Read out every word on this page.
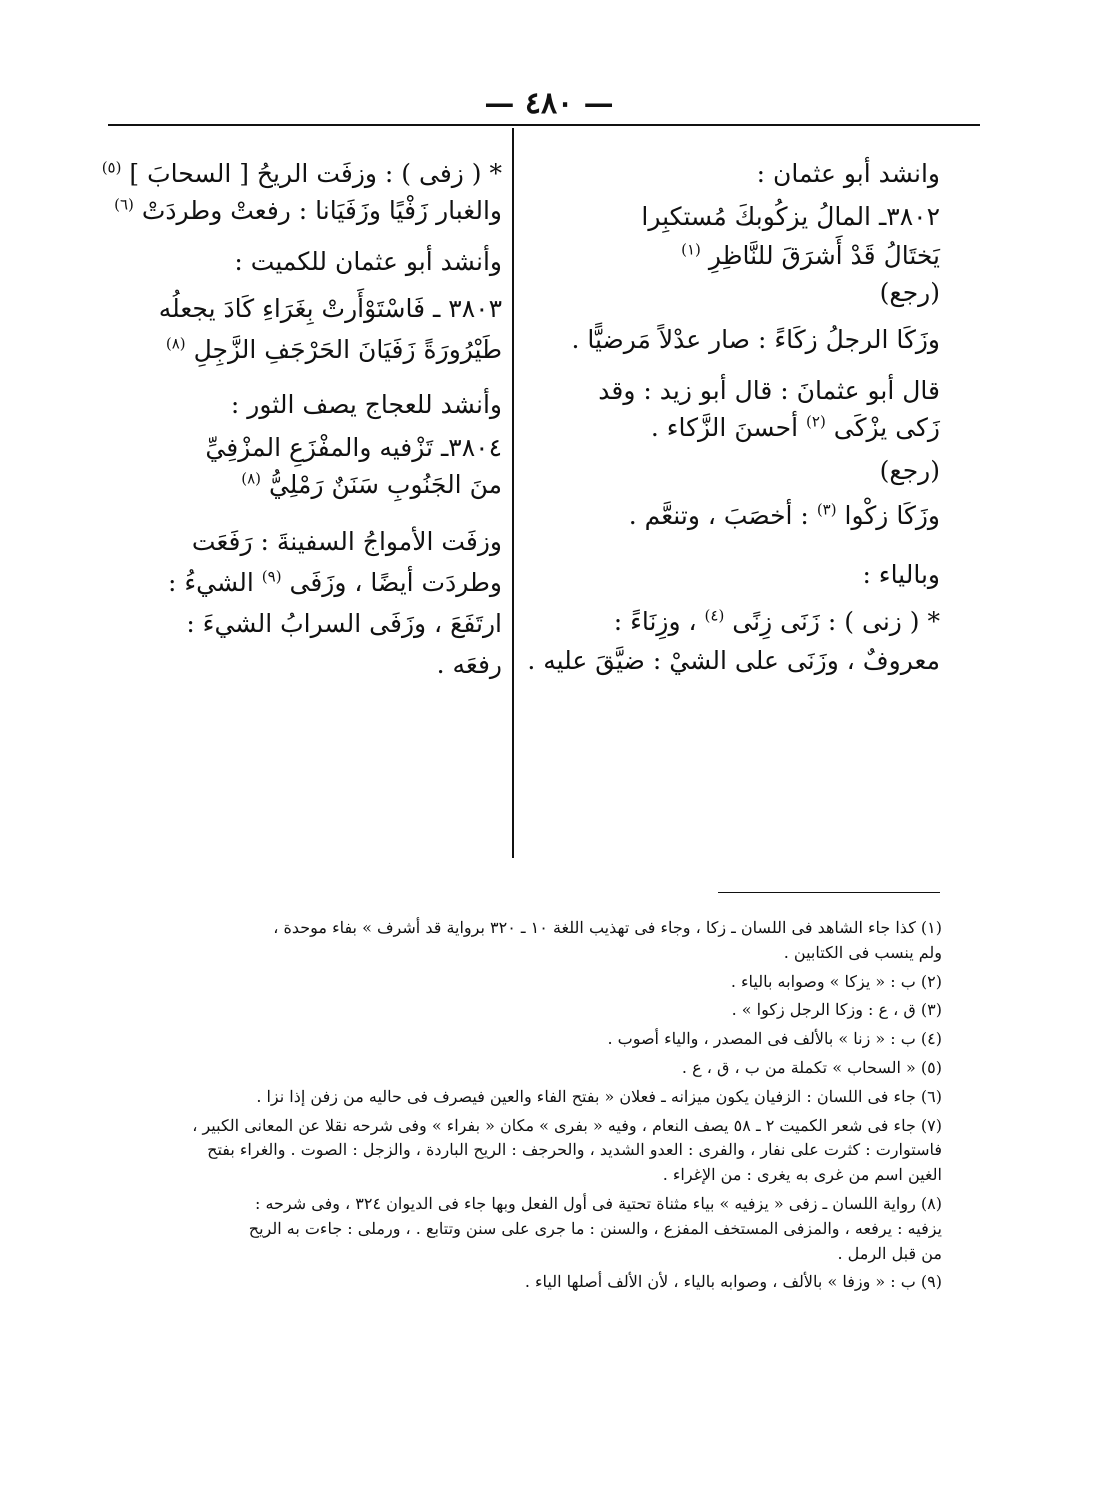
— ٤٨٠ —
وانشد أبو عثمان :
٣٨٠٢ـ المالُ يزكُوبكَ مُستكبِرا
يَختَالُ قَدْ أَشرَقَ للنَّاظِرِ $^{(١)}$
(رجع)
وزَكَا الرجلُ زكَاءً : صار عدْلاً مَرضيًّا .
قال أبو عثمانَ : قال أبو زيد : وقد
زَكى يزْكَى $^{(٢)}$ أحسنَ الزَّكاء .
(رجع)
وزَكَا زكْوا $^{(٣)}$ : أخصَبَ ، وتنعَّم .
وبالياء :
* ( زنى ) : زَنَى زِنًى $^{(٤)}$ ، وزِنَاءً :
معروفٌ ، وزَنَى على الشيْ : ضيَّقَ عليه .
* ( زفى ) : وزفَت الريحُ [ السحابَ ] $^{(٥)}$
والغبار زَفْيًا وزَفَيَانا : رفعتْ وطردَتْ $^{(٦)}$
وأنشد أبو عثمان للكميت :
٣٨٠٣ ـ فَاسْتَوْأَرتْ بِغَرَاءِ كَادَ يجعلُه
طَيْرُورَةً زَفَيَانَ الحَرْجَفِ الزَّجِلِ $^{(٨)}$
وأنشد للعجاج يصف الثور :
٣٨٠٤ـ تَزْفيه والمفْزَعِ المزْفِيِّ
منَ الجَنُوبِ سَنَنٌ رَمْلِيُّ $^{(٨)}$
وزفَت الأمواجُ السفينةَ : رَفَعَت
وطردَت أيضًا ، وزَفَى $^{(٩)}$ الشيءُ :
ارتَفَعَ ، وزَفَى السرابُ الشيءَ :
رفعَه .

(١) كذا جاء الشاهد فى اللسان ـ زكا ، وجاء فى تهذيب اللغة ١٠ ـ ٣٢٠ برواية قد أشرف » بفاء موحدة ،

ولم ينسب فى الكتابين .

(٢) ب : « يزكا » وصوابه بالياء .

(٣) ق ، ع : وزكا الرجل زكوا » .

(٤) ب : « زنا » بالألف فى المصدر ، والياء أصوب .

(٥) « السحاب » تكملة من ب ، ق ، ع .

(٦) جاء فى اللسان : الزفيان يكون ميزانه ـ فعلان « بفتح الفاء والعين فيصرف فى حاليه من زفن إذا نزا .

(٧) جاء فى شعر الكميت ٢ ـ ٥٨ يصف النعام ، وفيه « بفرى » مكان « بفراء » وفى شرحه نقلا عن المعانى الكبير ،

فاستوارت : كثرت على نفار ، والفرى : العدو الشديد ، والحرجف : الريح الباردة ، والزجل : الصوت . والغراء بفتح

الغين اسم من غرى به يغرى : من الإغراء .

(٨) رواية اللسان ـ زفى « يزفيه » بياء مثناة تحتية فى أول الفعل وبها جاء فى الديوان ٣٢٤ ، وفى شرحه :

يزفيه : يرفعه ، والمزفى المستخف المفزع ، والسنن : ما جرى على سنن وتتابع . ، ورملى : جاءت به الريح

من قبل الرمل .

(٩) ب : « وزفا » بالألف ، وصوابه بالياء ، لأن الألف أصلها الياء .
